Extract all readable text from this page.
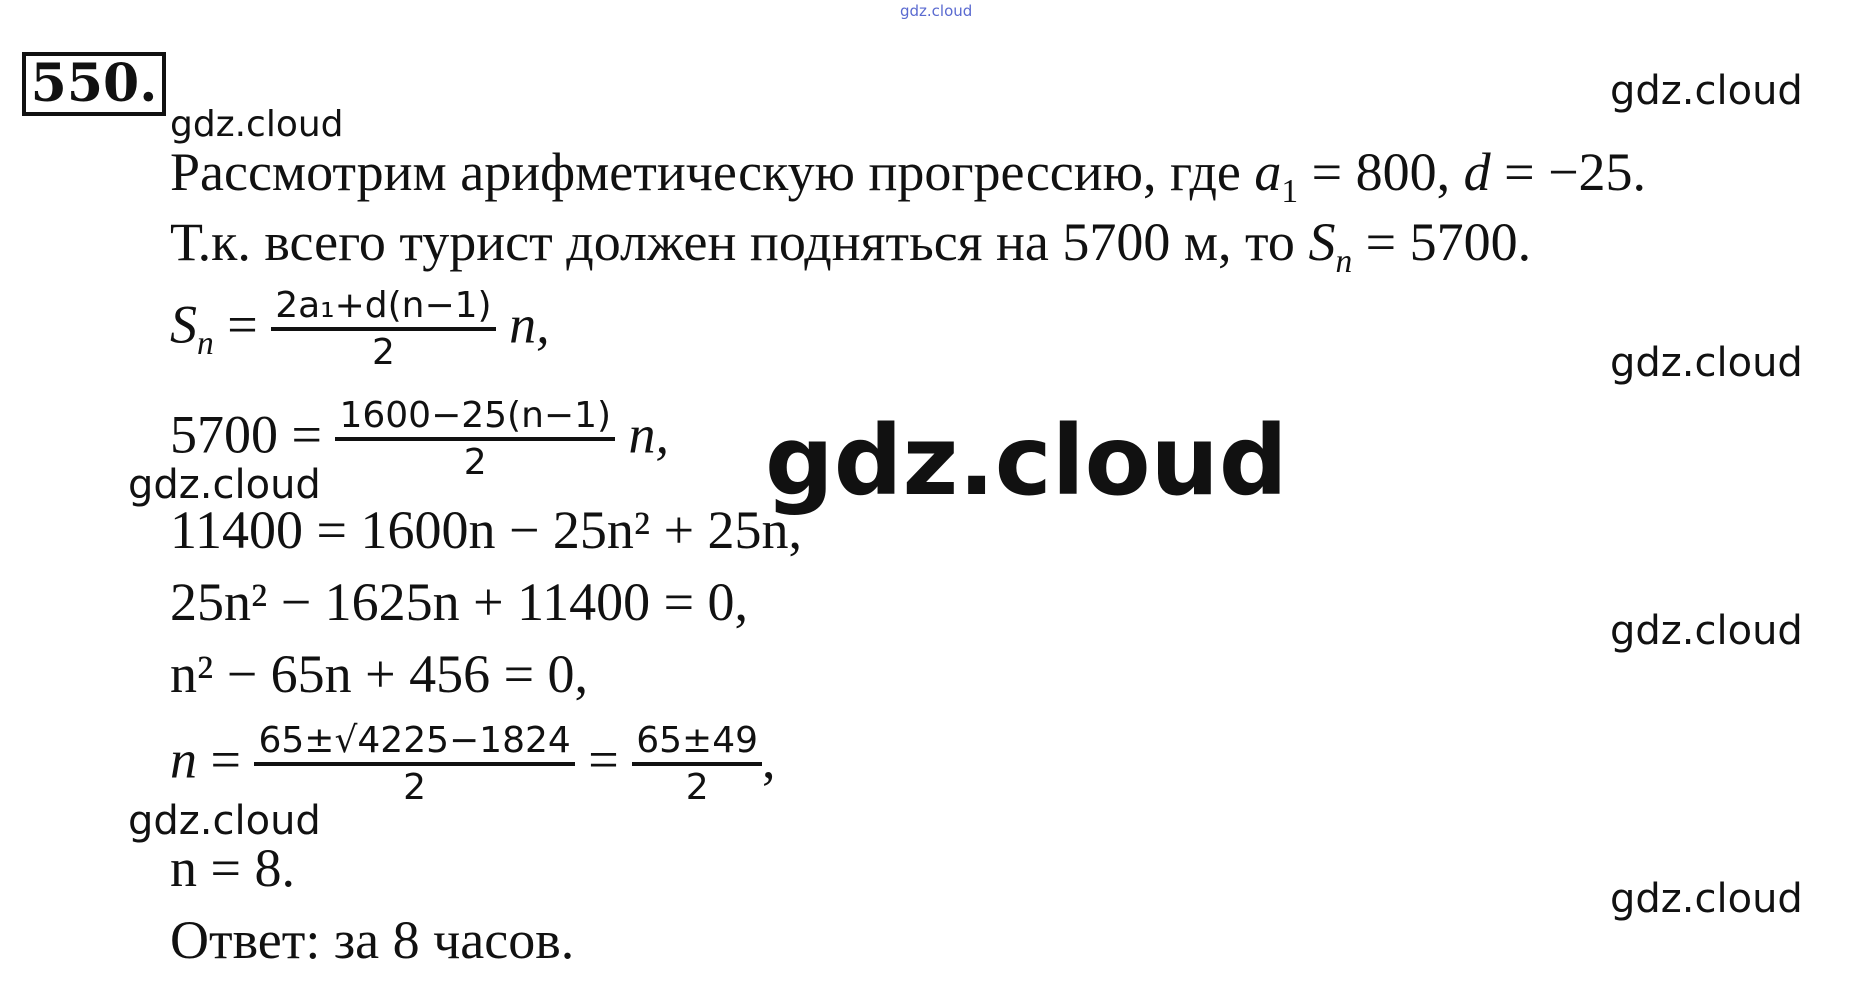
gdz.cloud
550.	gdz.cloud
gdz.cloud
Рассмотрим арифметическую прогрессию, где $a_1 = 800$, d = −25.
Т.к. всего турист должен подняться на 5700 м, то $S_n = 5700$.
$S_n = \frac{\text{2a₁+d(n−1)}}{2} n$,
gdz.cloud
$5700 = \frac{1600-25(n-1)}{2} n$, gdz.cloud
gdz.cloud
11400 = 1600n − 25n² + 25n,
25n² − 1625n + 11400 = 0,	gdz.cloud
n² − 65n + 456 = 0,
$n = \frac{65\pm√4225-1824}{2} = \frac{65\pm 49}{2}$ ,
gdz.cloud
n = 8.
gdz.cloud
Ответ: за 8 часов.
